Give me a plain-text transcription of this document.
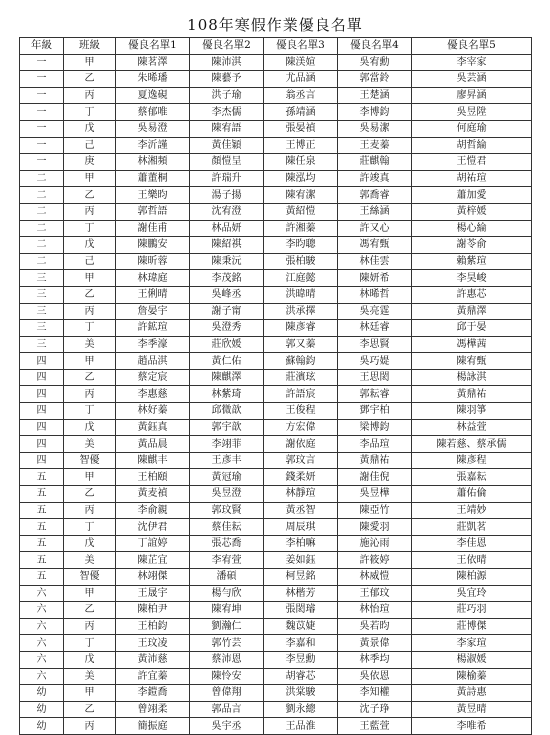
108年寒假作業優良名單
年級	班級	優良名單1	優良名單2	優良名單3	優良名單4	優良名單5
一	甲	陳茗澤	陳沛淇	陳渼媗	吳宥勳	李宰家
一	乙	朱晞璠	陳藝予	尤品涵	郭當鈴	吳芸涵
一	丙	夏逸硯	洪子瑜	翁丞言	王楚涵	廖昇涵
一	丁	蔡郁唯	李杰儒	孫靖涵	李博鈞	吳昱陞
一	戊	吳易澄	陳宥語	張晏禎	吳易潔	何庭瑜
一	己	李沂謹	黃佳穎	王博正	王麦蓁	胡哲綸
一	庚	林湘頻	顏愷呈	陳任泉	莊麒翰	王愷君
二	甲	蕭董桐	許瑞升	陳泓均	許竣真	胡祐瑄
二	乙	王樂昀	湯子揚	陳宥潔	郭喬睿	蕭加愛
二	丙	郭哲語	沈宥澄	黃紹愷	王絲涵	黃梓媛
二	丁	謝佳甫	林品妍	許湘蓁	許又心	楊心綸
二	戊	陳鵬安	陳紹祺	李昀聰	馮宥甄	謝苓俞
二	己	陳昕蓉	陳秉沅	張柏駿	林佳雲	賴紫瑄
三	甲	林瑋庭	李茂銘	江庭懿	陳妍希	李昊峻
三	乙	王俐晴	吳峰丞	洪暐晴	林晞哲	許惠芯
三	丙	詹晏宇	謝子甯	洪承擇	吳亮霆	黃鼎澤
三	丁	許鉱瑄	吳澄秀	陳彥睿	林廷睿	邱于晏
三	美	李季濠	莊欣媛	郭又蓁	李思賢	馮樺茜
四	甲	趙品淇	黃仁佑	蘇翰鈞	吳巧媞	陳宥甄
四	乙	蔡定宸	陳麒澤	莊濱玹	王思閎	楊詠淇
四	丙	李惠慈	林紫琦	許語宸	郭耘睿	黃鼎祐
四	丁	林好蓁	邱微歆	王俊程	鄧宇柏	陳羽箏
四	戊	黃鈺真	郭宇歆	方宏偉	梁博鈞	林益萱
四	美	黃品晨	李翊菲	謝依庭	李品瑄	陳若慈、蔡承儒
四	智優	陳麒丰	王彥丰	郭玟言	黃鼎祐	陳彥程
五	甲	王柏頤	黃冠瑜	錢柔妍	謝佳倪	張嘉耘
五	乙	黃麦禎	吳昱澄	林靜瑄	吳昱樺	蕭佑倫
五	丙	李俞親	郭玟賢	黃丞智	陳亞竹	王靖妙
五	丁	沈伊君	蔡佳耘	周辰琪	陳愛羽	莊凱茗
五	戊	丁誼婷	張芯喬	李柏嘛	施沁雨	李佳恩
五	美	陳芷宜	李宥萱	姜如鈺	許筱婷	王依晴
五	智優	林翊傑	潘碩	柯昱銘	林威愷	陳柏源
六	甲	王晟宇	楊勻欣	林楷芳	王郁玟	吳宜玲
六	乙	陳柏尹	陳宥坤	張閎璿	林怡瑄	莊巧羽
六	丙	王柏鈞	劉瀚仁	魏苡婕	吳若昀	莊博傑
六	丁	王玟凌	郭竹芸	李嘉和	黃景偉	李家瑄
六	戊	黃沛慈	蔡沛恩	李昱勳	林季均	楊淑媛
六	美	許宜蓁	陳怜安	胡睿芯	吳依恩	陳榆蓁
幼	甲	李鎧喬	曾偉翔	洪棠駿	李知權	黃詩惠
幼	乙	曾翊柔	郭品言	劉永總	沈子琤	黃昱晴
幼	丙	簡振庭	吳宇丞	王品淮	王藍萱	李唯希
